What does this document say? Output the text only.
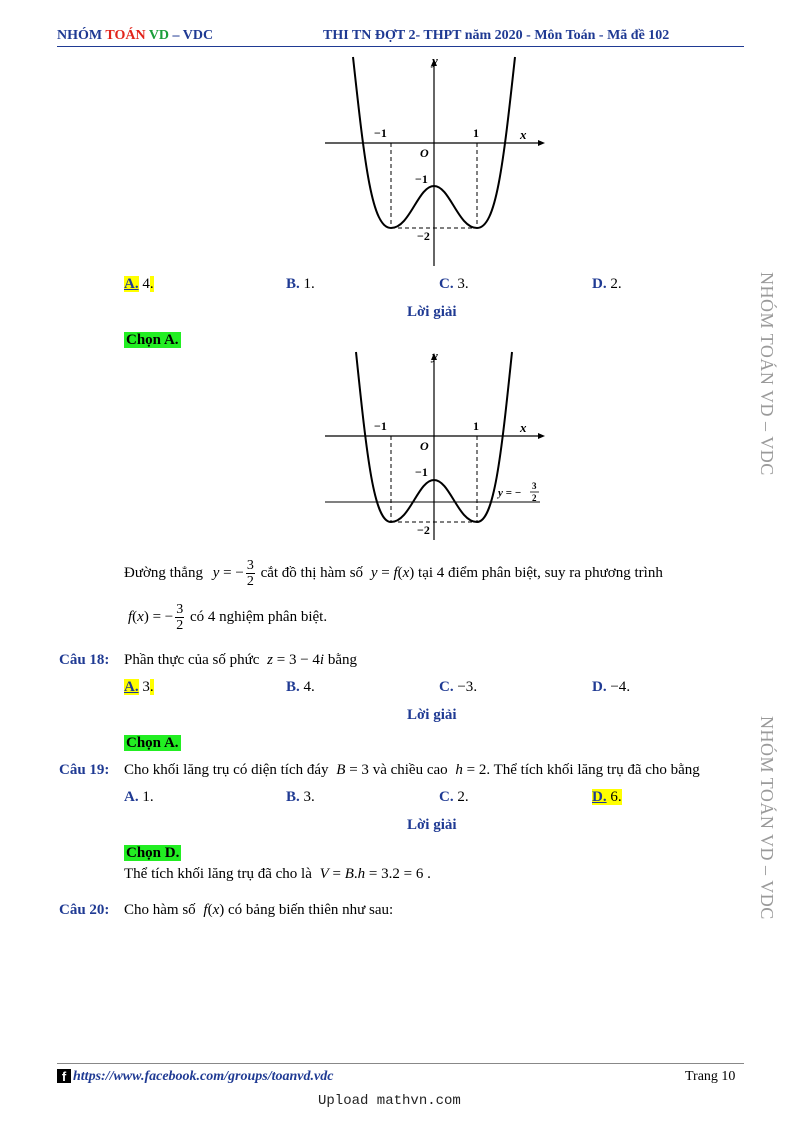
NHÓM TOÁN VD – VDC	THI TN ĐỢT 2- THPT năm 2020 - Môn Toán - Mã đề 102
NHÓM TOÁN VD – VDC
NHÓM TOÁN VD – VDC
y
x
O
−1	1
−1
−2
A. 4.	B. 1.	C. 3.	D. 2.
Lời giải
Chọn A.
y
x
O
−1	1
−1
−2
y = −
3
2
Đường thẳng y = − $\frac{3}{2}$ cắt đồ thị hàm số y = f(x) tại 4 điểm phân biệt, suy ra phương trình
f(x) = − $\frac{3}{2}$ có 4 nghiệm phân biệt.
Câu 18: Phần thực của số phức z = 3 − 4i bằng
A. 3.	B. 4.	C. −3.	D. −4.
Lời giải
Chọn A.
Câu 19: Cho khối lăng trụ có diện tích đáy B = 3 và chiều cao h = 2. Thể tích khối lăng trụ đã cho bằng
A. 1.	B. 3.	C. 2.	D. 6.
Lời giải
Chọn D.
Thể tích khối lăng trụ đã cho là V = B.h = 3.2 = 6 .
Câu 20: Cho hàm số f(x) có bảng biến thiên như sau:
f https://www.facebook.com/groups/toanvd.vdc	Trang 10
Upload mathvn.com
